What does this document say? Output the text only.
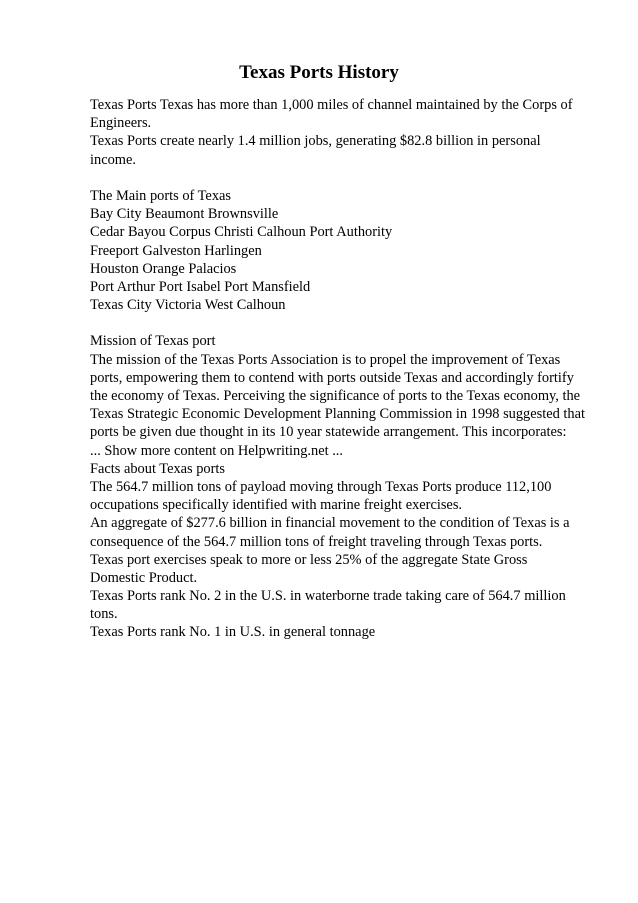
Texas Ports History
Texas Ports Texas has more than 1,000 miles of channel maintained by the Corps of
Engineers.
Texas Ports create nearly 1.4 million jobs, generating $82.8 billion in personal
income.
The Main ports of Texas
Bay City Beaumont Brownsville
Cedar Bayou Corpus Christi Calhoun Port Authority
Freeport Galveston Harlingen
Houston Orange Palacios
Port Arthur Port Isabel Port Mansfield
Texas City Victoria West Calhoun
Mission of Texas port
The mission of the Texas Ports Association is to propel the improvement of Texas
ports, empowering them to contend with ports outside Texas and accordingly fortify
the economy of Texas. Perceiving the significance of ports to the Texas economy, the
Texas Strategic Economic Development Planning Commission in 1998 suggested that
ports be given due thought in its 10 year statewide arrangement. This incorporates:
... Show more content on Helpwriting.net ...
Facts about Texas ports
The 564.7 million tons of payload moving through Texas Ports produce 112,100
occupations specifically identified with marine freight exercises.
An aggregate of $277.6 billion in financial movement to the condition of Texas is a
consequence of the 564.7 million tons of freight traveling through Texas ports.
Texas port exercises speak to more or less 25% of the aggregate State Gross
Domestic Product.
Texas Ports rank No. 2 in the U.S. in waterborne trade taking care of 564.7 million
tons.
Texas Ports rank No. 1 in U.S. in general tonnage
